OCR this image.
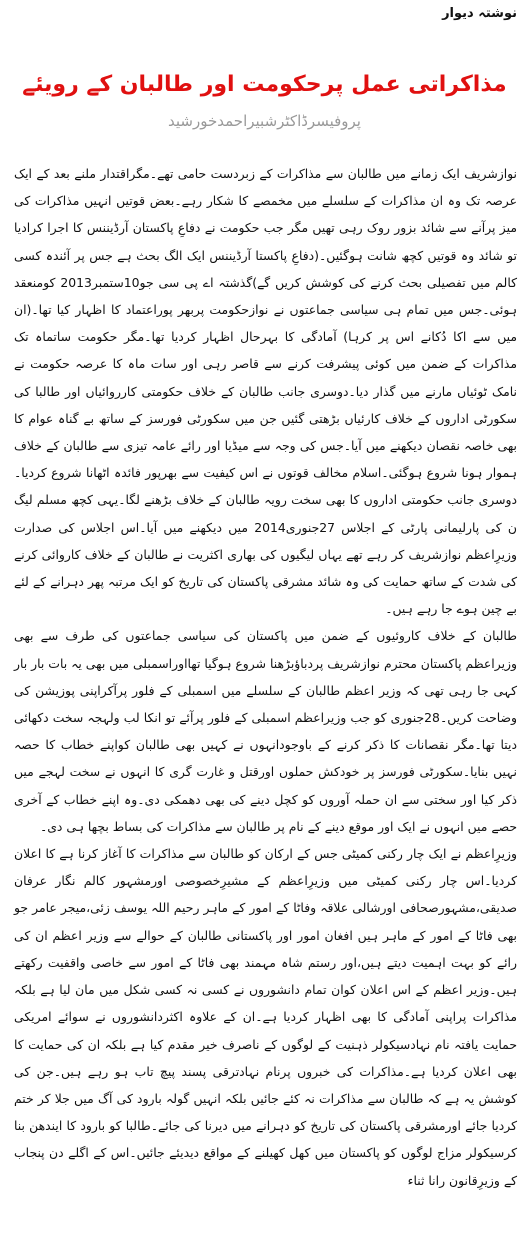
نوشتہ دیوار
مذاکراتی عمل پرحکومت اور طالبان کے رویئے
پروفیسرڈاکٹرشبیراحمدخورشید

نوازشریف ایک زمانے میں طالبان سے مذاکرات کے زبردست حامی تھے۔مگراقتدار ملنے بعد کے ایک عرصہ تک وہ ان مذاکرات کے سلسلے میں مخمصے کا شکار رہے۔بعض قوتیں انہیں مذاکرات کی میز پرآنے سے شائد بزور روک رہی تھیں مگر جب حکومت نے دفاعِ پاکستان آرڈیننس کا اجرا کرادیا تو شائد وہ قوتیں کچھ شانت ہوگئیں۔(دفاعِ پاکستا آرڈیننس ایک الگ بحث ہے جس پر آئندہ کسی کالم میں تفصیلی بحث کرنے کی کوشش کریں گے)گذشتہ اے پی سی جو10ستمبر2013 کومنعقد ہوئی۔جس میں تمام ہی سیاسی جماعتوں نے نوازحکومت پربھر پوراعتماد کا اظہار کیا تھا۔(ان میں سے اکا دُکانے اس پر کرہا) آمادگی کا بہرحال اظہار کردیا تھا۔مگر حکومت ساتماہ تک مذاکرات کے ضمن میں کوئی پیشرفت کرنے سے قاصر رہی اور سات ماہ کا عرصہ حکومت نے نامک ٹوئیاں مارنے میں گذار دیا۔دوسری جانب طالبان کے خلاف حکومتی کارروائیاں اور طالبا کی سکورٹی اداروں کے خلاف کارئیاں بڑھتی گئیں جن میں سکورٹی فورسز کے ساتھ بے گناہ عوام کا بھی خاصہ نقصان دیکھنے میں آیا۔جس کی وجہ سے میڈیا اور رائے عامہ تیزی سے طالبان کے خلاف ہموار ہونا شروع ہوگئی۔اسلام مخالف قوتوں نے اس کیفیت سے بھرپور فائدہ اٹھانا شروع کردیا۔دوسری جانب حکومتی اداروں کا بھی سخت رویہ طالبان کے خلاف بڑھنے لگا۔یہی کچھ مسلم لیگ ن کی پارلیمانی پارٹی کے اجلاس 27جنوری2014 میں دیکھنے میں آیا۔اس اجلاس کی صدارت وزیرِاعظم نوازشریف کر رہے تھے یہاں لیگیوں کی بھاری اکثریت نے طالبان کے خلاف کاروائی کرنے کی شدت کے ساتھ حمایت کی وہ شائد مشرقی پاکستان کی تاریخ کو ایک مرتبہ پھر دہرانے کے لئے بے چین ہوے جا رہے ہیں۔

طالبان کے خلاف کاروئیوں کے ضمن میں پاکستان کی سیاسی جماعتوں کی طرف سے بھی وزیراعظم پاکستان محترم نوازشریف پردباؤبڑھنا شروع ہوگیا تھااوراسمبلی میں بھی یہ بات بار بار کہی جا رہی تھی کہ وزیر اعظم طالبان کے سلسلے میں اسمبلی کے فلور پرآکراپنی پوزیشن کی وضاحت کریں۔28جنوری کو جب وزیراعظم اسمبلی کے فلور پرآئے تو انکا لب ولہجہ سخت دکھائی دیتا تھا۔مگر نقصانات کا ذکر کرنے کے باوجودانہوں نے کہیں بھی طالبان کواپنے خطاب کا حصہ نہیں بنایا۔سکورٹی فورسز پر خودکش حملوں اورقتل و غارت گری کا انہوں نے سخت لہجے میں ذکر کیا اور سختی سے ان حملہ آوروں کو کچل دینے کی بھی دھمکی دی۔وہ اپنے خطاب کے آخری حصے میں انہوں نے ایک اور موقع دینے کے نام پر طالبان سے مذاکرات کی بساط بچھا ہی دی۔

وزیرِاعظم نے ایک چار رکنی کمیٹی جس کے ارکان کو طالبان سے مذاکرات کا آغاز کرنا ہے کا اعلان کردیا۔اس چار رکنی کمیٹی میں وزیرِاعظم کے مشیرِخصوصی اورمشہور کالم نگار عرفان صدیقی،مشہورصحافی اورشالی علاقہ وفاٹا کے امور کے ماہر رحیم اللہ یوسف زئی،میجر عامر جو بھی فاٹا کے امور کے ماہر ہیں افغان امور اور پاکستانی طالبان کے حوالے سے وزیر اعظم ان کی رائے کو بہت اہمیت دیتے ہیں،اور رستم شاہ مہمند بھی فاٹا کے امور سے خاصی واقفیت رکھتے ہیں۔وزیر اعظم کے اس اعلان کوان تمام دانشوروں نے کسی نہ کسی شکل میں مان لیا ہے بلکہ مذاکرات پراپنی آمادگی کا بھی اظہار کردیا ہے۔ان کے علاوہ اکثردانشوروں نے سوائے امریکی حمایت یافتہ نام نہادسیکولر ذہنیت کے لوگوں کے ناصرف خیر مقدم کیا ہے بلکہ ان کی حمایت کا بھی اعلان کردیا ہے۔مذاکرات کی خبروں پرنام نہادترقی پسند پیچ تاب ہو رہے ہیں۔جن کی کوشش یہ ہے کہ طالبان سے مذاکرات نہ کئے جائیں بلکہ انہیں گولہ بارود کی آگ میں جلا کر ختم کردیا جائے اورمشرقی پاکستان کی تاریخ کو دہرانے میں دیرنا کی جائے۔طالبا کو بارود کا ایندھن بنا کرسیکولر مزاج لوگوں کو پاکستان میں کھل کھیلنے کے مواقع دیدیئے جائیں۔اس کے اگلے دن پنجاب کے وزیرِقانون رانا ثناء
